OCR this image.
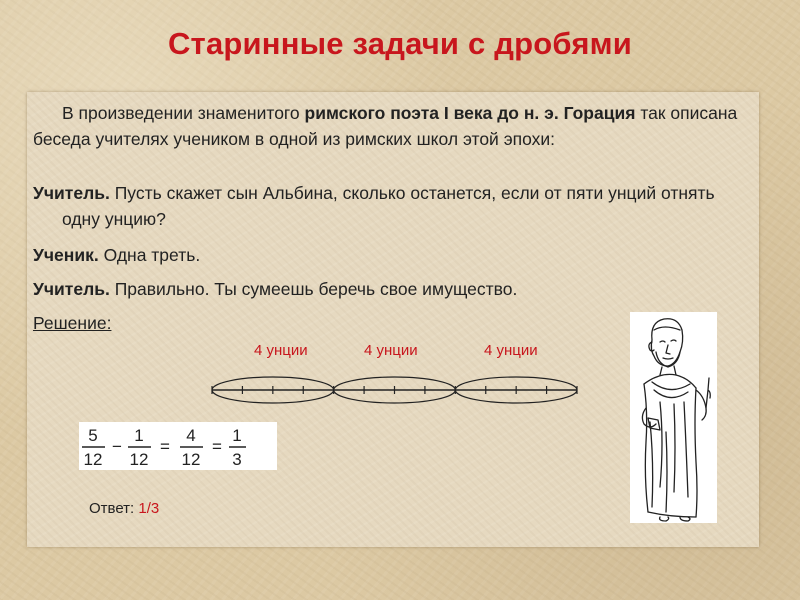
Старинные задачи с дробями

В произведении знаменитого римского поэта I века до н. э. Горация так описана беседа учителях учеником в одной из римских школ этой эпохи:

Учитель. Пусть скажет сын Альбина, сколько останется, если от пяти унций отнять одну унцию?

Ученик. Одна треть.

Учитель. Правильно. Ты сумеешь беречь свое имущество.

Решение:

4 унции	4 унции	4 унции
5
12
−
1
12
=
4
12
=
1
3
Ответ: 1/3
